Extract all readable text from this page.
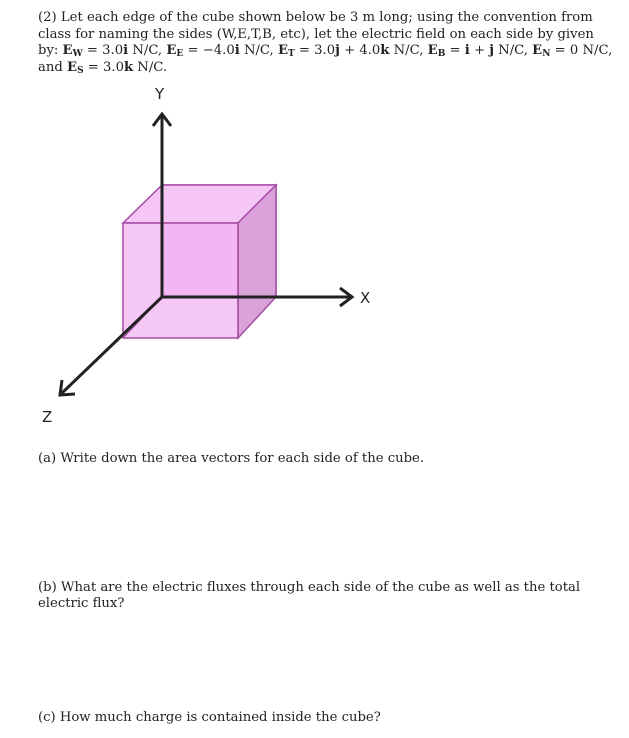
(2) Let each edge of the cube shown below be 3 m long; using the convention from class for naming the sides (W,E,T,B, etc), let the electric field on each side by given by: $E_W = 3.0i$ N/C, $E_E = -4.0i$ N/C, $E_T = 3.0j + 4.0k$ N/C, $E_B = i + j$ N/C, $E_N = 0$ N/C, and $E_S = 3.0k$ N/C.
Y
X
Z
(a) Write down the area vectors for each side of the cube.
(b) What are the electric fluxes through each side of the cube as well as the total electric flux?
(c) How much charge is contained inside the cube?
